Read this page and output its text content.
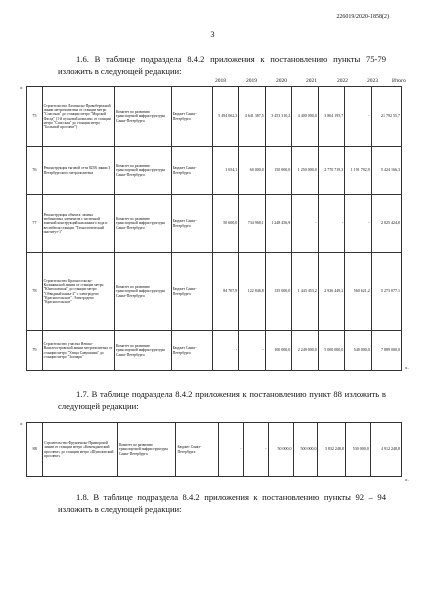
226019/2020-1858(2)
3
1.6. В таблице подраздела 8.4.2 приложения к постановлению пункты 75-79 изложить в следующей редакции:
2018	2019	2020	2021	2022	2023	Итого
«
75	Строительство Лахтинско-Правобережной линии метрополитена от станции метро "Спасская" до станции метро "Морской Фасад" (1-й пусковой комплекс от станции метро "Спасская" до станции метро "Большой проспект")	Комитет по развитию транспортной инфраструктуры Санкт-Петербурга	Бюджет Санкт-Петербурга	5 494 062,3	4 641 387,5	3 453 310,2	4 400 000,0	3 804 195,7	-	21 792 55,7
76	Реконструкция тяговой сети 825В линии 3 Петербургского метрополитена	Комитет по развитию транспортной инфраструктуры Санкт-Петербурга	Бюджет Санкт-Петербурга	1 654,1	60 000,0	150 000,0	1 250 000,0	2 770 719,3	1 191 792,9	5 424 166,3
77	Реконструкция объекта: замена тюбинговых элементов с частичной заменой конструкций наклонного хода и вестибюля станции "Технологический институт-1"	Комитет по развитию транспортной инфраструктуры Санкт-Петербурга	Бюджет Санкт-Петербурга	50 600,0	734 968,1	1 248 456,9	-	-	-	2 025 424,0
78	Строительство Красносельско-Калининской линии от станции метро "Юнтоловская" до станции метро "Обводный канал-2" с электродепо "Красносельское". Электродепо "Красносельское"	Комитет по развитию транспортной инфраструктуры Санкт-Петербурга	Бюджет Санкт-Петербурга	84 707,9	122 846,8	135 000,0	1 443 453,2	2 926 449,2	560 621,2	5 273 077,1
79	Строительство участка Невско-Василеостровской линии метрополитена от станции метро "Улица Савушкина" до станции метро "Зоопарк"	Комитет по развитию транспортной инфраструктуры Санкт-Петербурга	Бюджет Санкт-Петербурга	-	-	100 000,0	2 249 000,0	5 000 000,0	540 000,0	7 889 000,0
».
1.7. В таблице подраздела 8.4.2 приложения к постановлению пункт 88 изложить в следующей редакции:
«
88	Строительство Фрунзенско-Приморской линии от станции метро «Комендантский проспект» до станции метро «Шуваловский проспект»	Комитет по развитию транспортной инфраструктуры Санкт-Петербурга	Бюджет Санкт-Петербурга	-	-	50 000,0	500 000,0	3 832 248,8	530 000,0	4 912 248,8
».
1.8. В таблице подраздела 8.4.2 приложения к постановлению пункты 92 – 94 изложить в следующей редакции:
